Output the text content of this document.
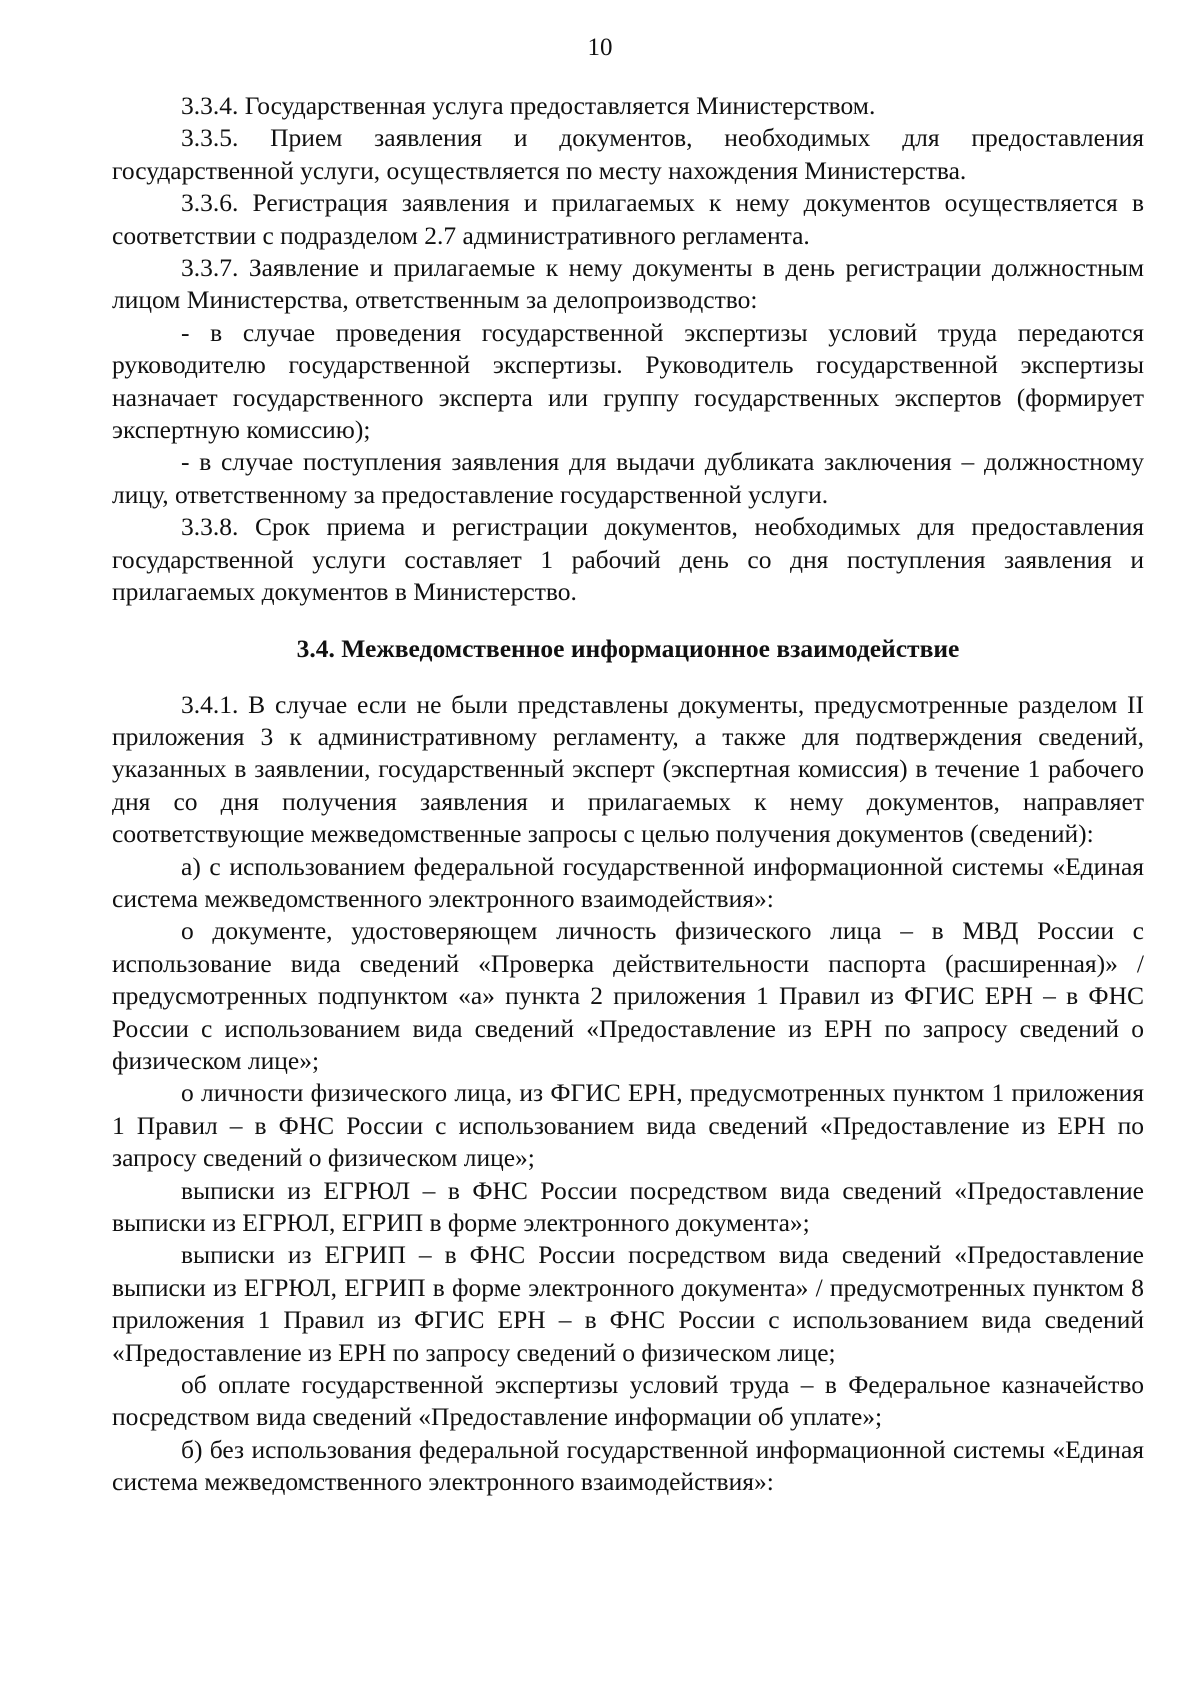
10

3.3.4. Государственная услуга предоставляется Министерством.

3.3.5. Прием заявления и документов, необходимых для предоставления государственной услуги, осуществляется по месту нахождения Министерства.

3.3.6. Регистрация заявления и прилагаемых к нему документов осуществляется в соответствии с подразделом 2.7 административного регламента.

3.3.7. Заявление и прилагаемые к нему документы в день регистрации должностным лицом Министерства, ответственным за делопроизводство:

- в случае проведения государственной экспертизы условий труда передаются руководителю государственной экспертизы. Руководитель государственной экспертизы назначает государственного эксперта или группу государственных экспертов (формирует экспертную комиссию);

- в случае поступления заявления для выдачи дубликата заключения – должностному лицу, ответственному за предоставление государственной услуги.

3.3.8. Срок приема и регистрации документов, необходимых для предоставления государственной услуги составляет 1 рабочий день со дня поступления заявления и прилагаемых документов в Министерство.

3.4. Межведомственное информационное взаимодействие

3.4.1. В случае если не были представлены документы, предусмотренные разделом II приложения 3 к административному регламенту, а также для подтверждения сведений, указанных в заявлении, государственный эксперт (экспертная комиссия) в течение 1 рабочего дня со дня получения заявления и прилагаемых к нему документов, направляет соответствующие межведомственные запросы с целью получения документов (сведений):

а) с использованием федеральной государственной информационной системы «Единая система межведомственного электронного взаимодействия»:

о документе, удостоверяющем личность физического лица – в МВД России с использование вида сведений «Проверка действительности паспорта (расширенная)» / предусмотренных подпунктом «а» пункта 2 приложения 1 Правил из ФГИС ЕРН – в ФНС России с использованием вида сведений «Предоставление из ЕРН по запросу сведений о физическом лице»;

о личности физического лица, из ФГИС ЕРН, предусмотренных пунктом 1 приложения 1 Правил – в ФНС России с использованием вида сведений «Предоставление из ЕРН по запросу сведений о физическом лице»;

выписки из ЕГРЮЛ – в ФНС России посредством вида сведений «Предоставление выписки из ЕГРЮЛ, ЕГРИП в форме электронного документа»;

выписки из ЕГРИП – в ФНС России посредством вида сведений «Предоставление выписки из ЕГРЮЛ, ЕГРИП в форме электронного документа» / предусмотренных пунктом 8 приложения 1 Правил из ФГИС ЕРН – в ФНС России с использованием вида сведений «Предоставление из ЕРН по запросу сведений о физическом лице;

об оплате государственной экспертизы условий труда – в Федеральное казначейство посредством вида сведений «Предоставление информации об уплате»;

б) без использования федеральной государственной информационной системы «Единая система межведомственного электронного взаимодействия»:
